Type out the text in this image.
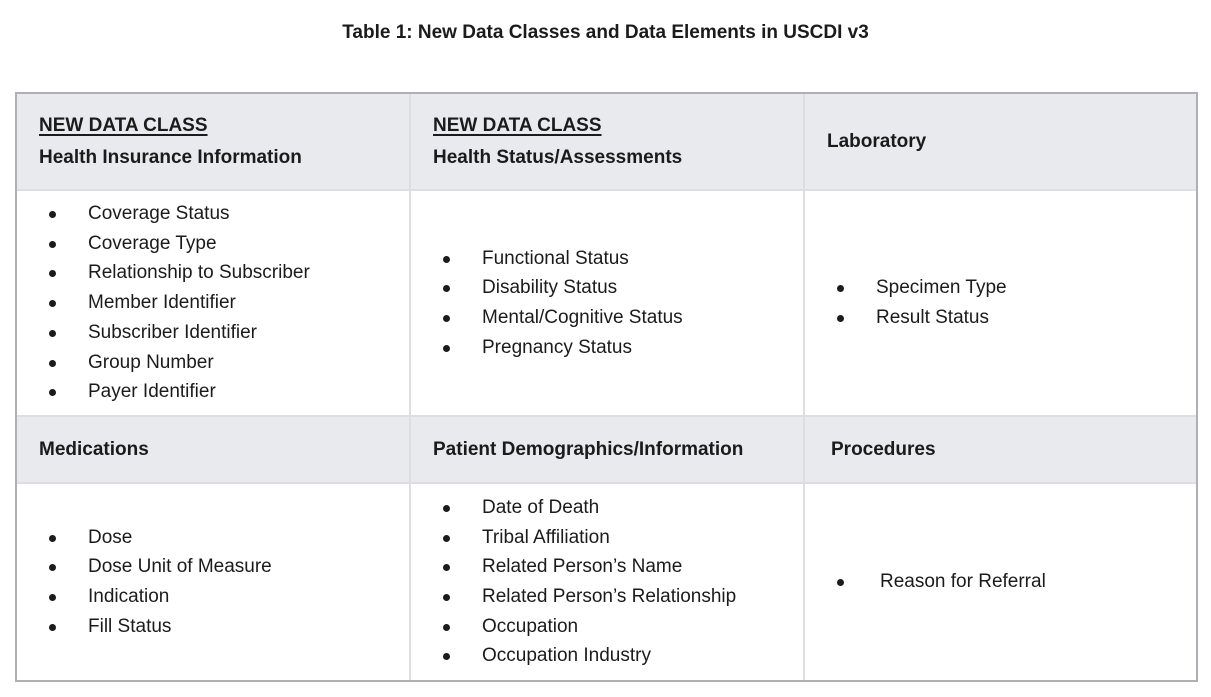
Table 1: New Data Classes and Data Elements in USCDI v3
NEW DATA CLASS
Health Insurance Information
NEW DATA CLASS
Health Status/Assessments
Laboratory
Coverage Status
Coverage Type
Relationship to Subscriber
Member Identifier
Subscriber Identifier
Group Number
Payer Identifier
Functional Status
Disability Status
Mental/Cognitive Status
Pregnancy Status
Specimen Type
Result Status
Medications	Patient Demographics/Information	Procedures
Dose
Dose Unit of Measure
Indication
Fill Status
Date of Death
Tribal Affiliation
Related Person’s Name
Related Person’s Relationship
Occupation
Occupation Industry
Reason for Referral
